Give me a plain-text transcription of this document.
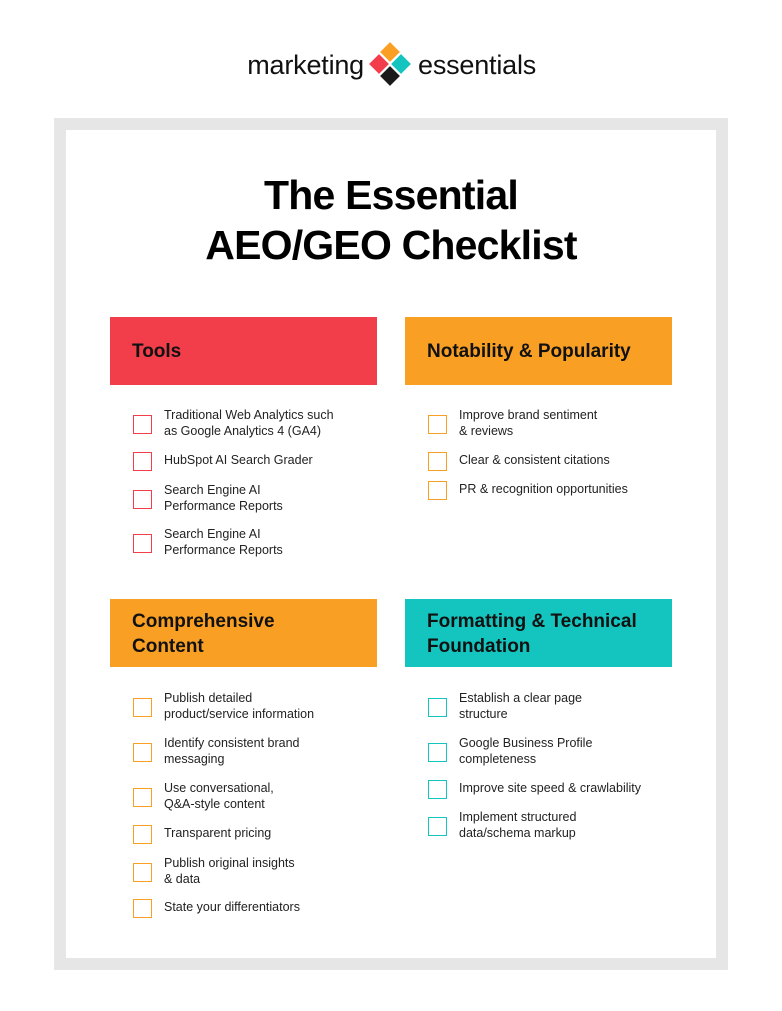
marketing essentials
The Essential
AEO/GEO Checklist
Tools	Notability & Popularity
Comprehensive
Content
Formatting & Technical
Foundation
Traditional Web Analytics such
as Google Analytics 4 (GA4)
HubSpot AI Search Grader
Search Engine AI
Performance Reports
Search Engine AI
Performance Reports
Improve brand sentiment
& reviews
Clear & consistent citations
PR & recognition opportunities
Publish detailed
product/service information
Identify consistent brand
messaging
Use conversational,
Q&A-style content
Transparent pricing
Publish original insights
& data
State your differentiators
Establish a clear page
structure
Google Business Profile
completeness
Improve site speed & crawlability
Implement structured
data/schema markup
